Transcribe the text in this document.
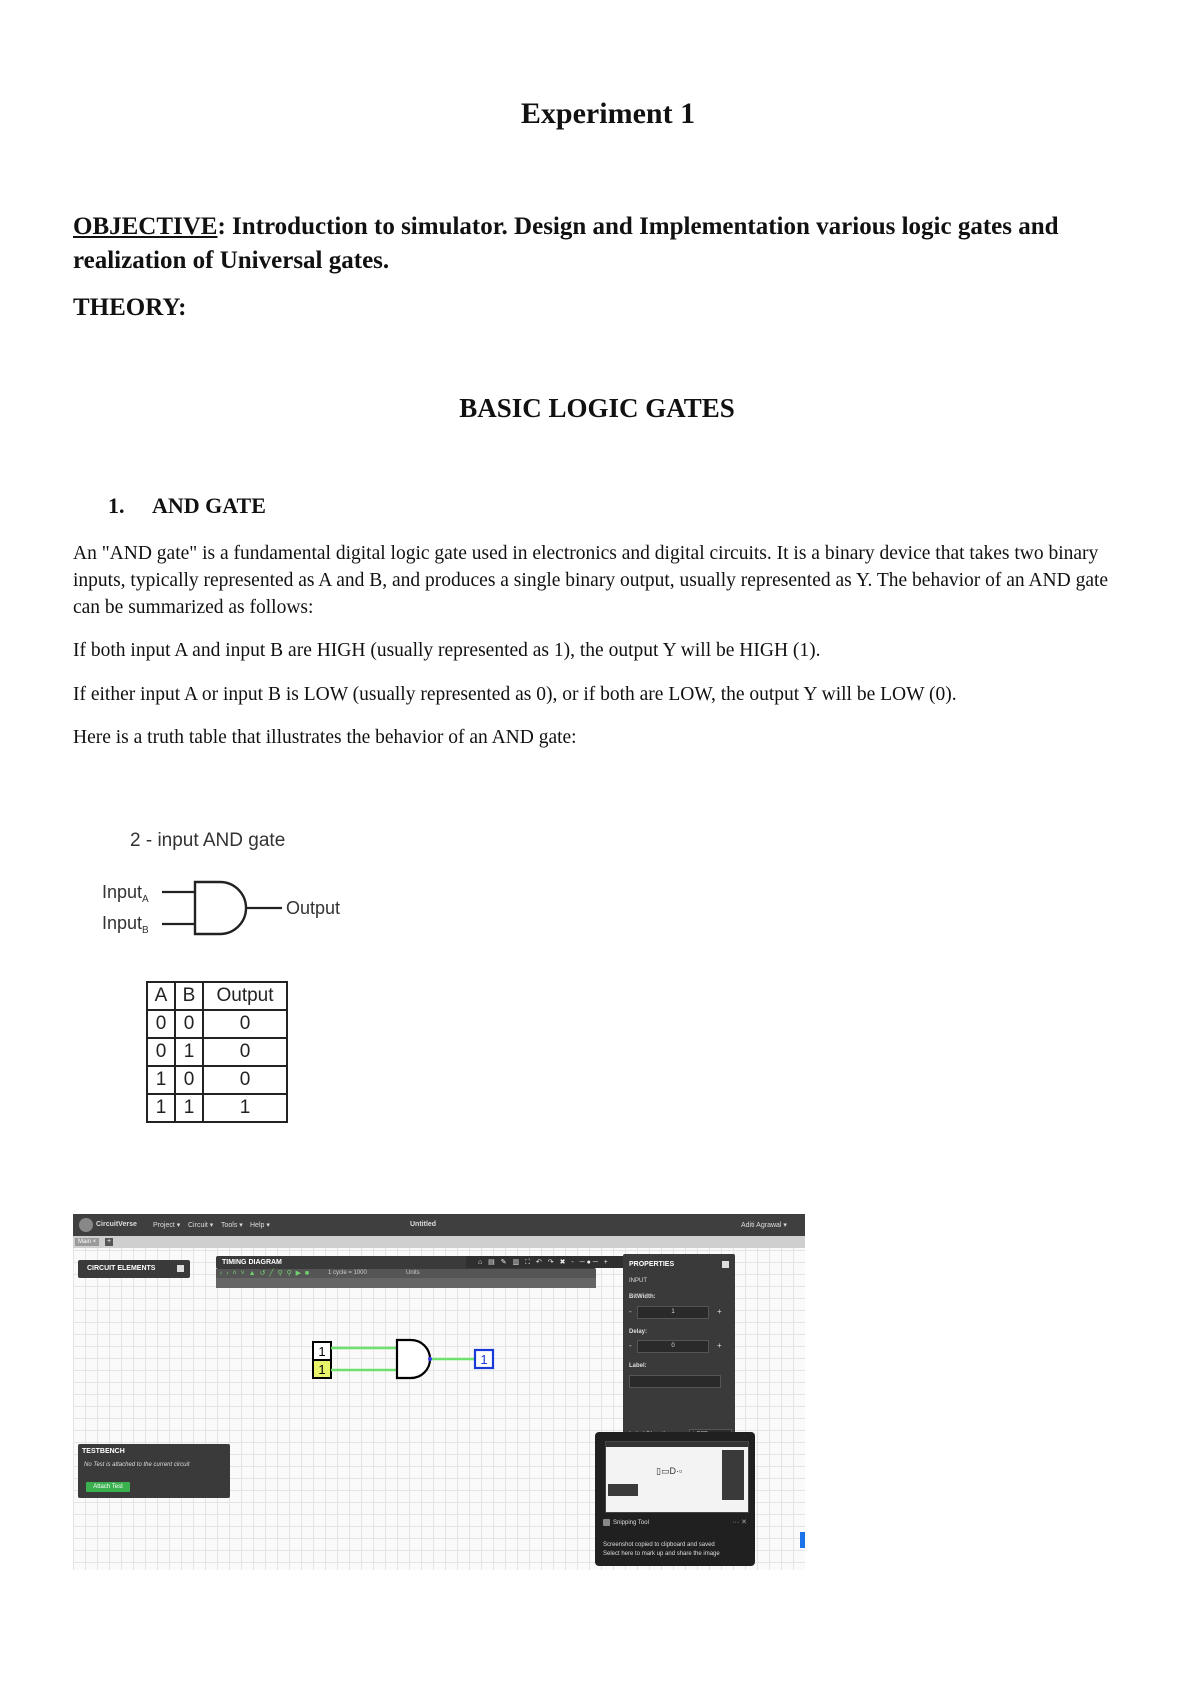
Experiment 1
OBJECTIVE: Introduction to simulator. Design and Implementation various logic gates and realization of Universal gates.
THEORY:
BASIC LOGIC GATES
1. AND GATE
An "AND gate" is a fundamental digital logic gate used in electronics and digital circuits. It is a binary device that takes two binary inputs, typically represented as A and B, and produces a single binary output, usually represented as Y. The behavior of an AND gate can be summarized as follows:
If both input A and input B are HIGH (usually represented as 1), the output Y will be HIGH (1).
If either input A or input B is LOW (usually represented as 0), or if both are LOW, the output Y will be LOW (0).
Here is a truth table that illustrates the behavior of an AND gate:
2 - input AND gate
Input$_A$
Input$_B$
Output
A	B	Output
0	0	0
0	1	0
1	0	0
1	1	1
CircuitVerse Project ▾ Circuit ▾ Tools ▾ Help ▾	Untitled	Aditi Agrawal ▾
Main ×	+
CIRCUIT ELEMENTS
TIMING DIAGRAM
‹ › ˄ ˅ ▲ ↺ ╱ ⚲ ⚲ ▶ ■	1 cycle = 1000	Units
⌂ ▤ ✎ ▥ ⛶ ↶ ↷ ✖ - ─●─ +	PROPERTIES
INPUT
BitWidth:
-	1	+
Delay:
-	0	+
Label:
1
1
1
TESTBENCH
No Test is attached to the current circuit
Attach Test
▯▭D·▫
Snipping Tool	··· ✕
Screenshot copied to clipboard and saved
Select here to mark up and share the image
